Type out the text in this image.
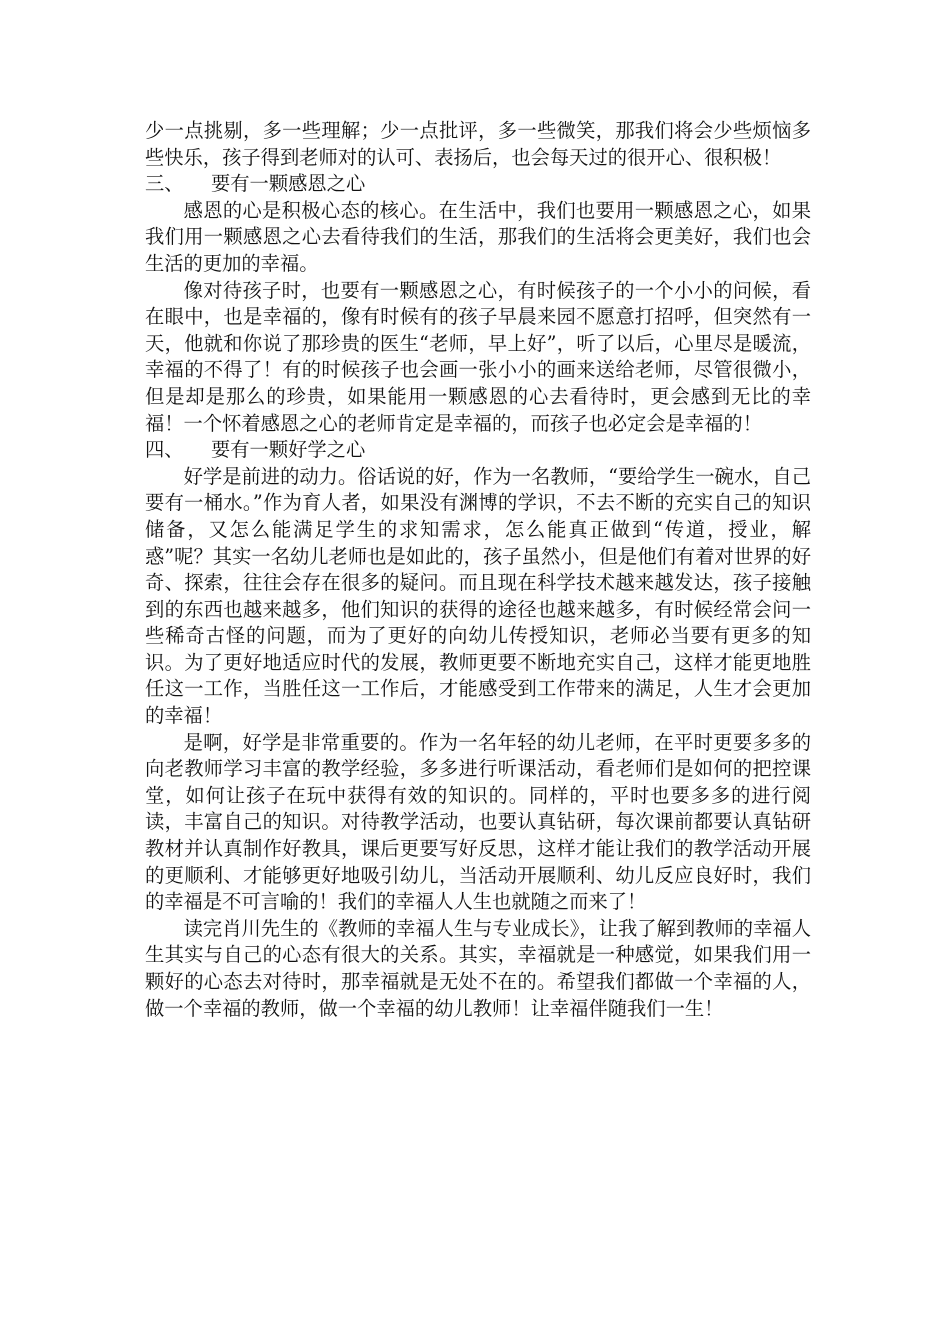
少一点挑剔，多一些理解；少一点批评，多一些微笑，那我们将会少些烦恼多些快乐，孩子得到老师对的认可、表扬后，也会每天过的很开心、很积极！

三、 要有一颗感恩之心

感恩的心是积极心态的核心。在生活中，我们也要用一颗感恩之心，如果我们用一颗感恩之心去看待我们的生活，那我们的生活将会更美好，我们也会生活的更加的幸福。

像对待孩子时，也要有一颗感恩之心，有时候孩子的一个小小的问候，看在眼中，也是幸福的，像有时候有的孩子早晨来园不愿意打招呼，但突然有一天，他就和你说了那珍贵的医生“老师，早上好”，听了以后，心里尽是暖流，幸福的不得了！有的时候孩子也会画一张小小的画来送给老师，尽管很微小，但是却是那么的珍贵，如果能用一颗感恩的心去看待时，更会感到无比的幸福！一个怀着感恩之心的老师肯定是幸福的，而孩子也必定会是幸福的！

四、 要有一颗好学之心

好学是前进的动力。俗话说的好，作为一名教师，“要给学生一碗水，自己要有一桶水。”作为育人者，如果没有渊博的学识，不去不断的充实自己的知识储备，又怎么能满足学生的求知需求，怎么能真正做到“传道，授业，解惑”呢？其实一名幼儿老师也是如此的，孩子虽然小，但是他们有着对世界的好奇、探索，往往会存在很多的疑问。而且现在科学技术越来越发达，孩子接触到的东西也越来越多，他们知识的获得的途径也越来越多，有时候经常会问一些稀奇古怪的问题，而为了更好的向幼儿传授知识，老师必当要有更多的知识。为了更好地适应时代的发展，教师更要不断地充实自己，这样才能更地胜任这一工作，当胜任这一工作后，才能感受到工作带来的满足，人生才会更加的幸福！

是啊，好学是非常重要的。作为一名年轻的幼儿老师，在平时更要多多的向老教师学习丰富的教学经验，多多进行听课活动，看老师们是如何的把控课堂，如何让孩子在玩中获得有效的知识的。同样的，平时也要多多的进行阅读，丰富自己的知识。对待教学活动，也要认真钻研，每次课前都要认真钻研教材并认真制作好教具，课后更要写好反思，这样才能让我们的教学活动开展的更顺利、才能够更好地吸引幼儿，当活动开展顺利、幼儿反应良好时，我们的幸福是不可言喻的！我们的幸福人人生也就随之而来了！

读完肖川先生的《教师的幸福人生与专业成长》，让我了解到教师的幸福人生其实与自己的心态有很大的关系。其实，幸福就是一种感觉，如果我们用一颗好的心态去对待时，那幸福就是无处不在的。希望我们都做一个幸福的人，做一个幸福的教师，做一个幸福的幼儿教师！让幸福伴随我们一生！
